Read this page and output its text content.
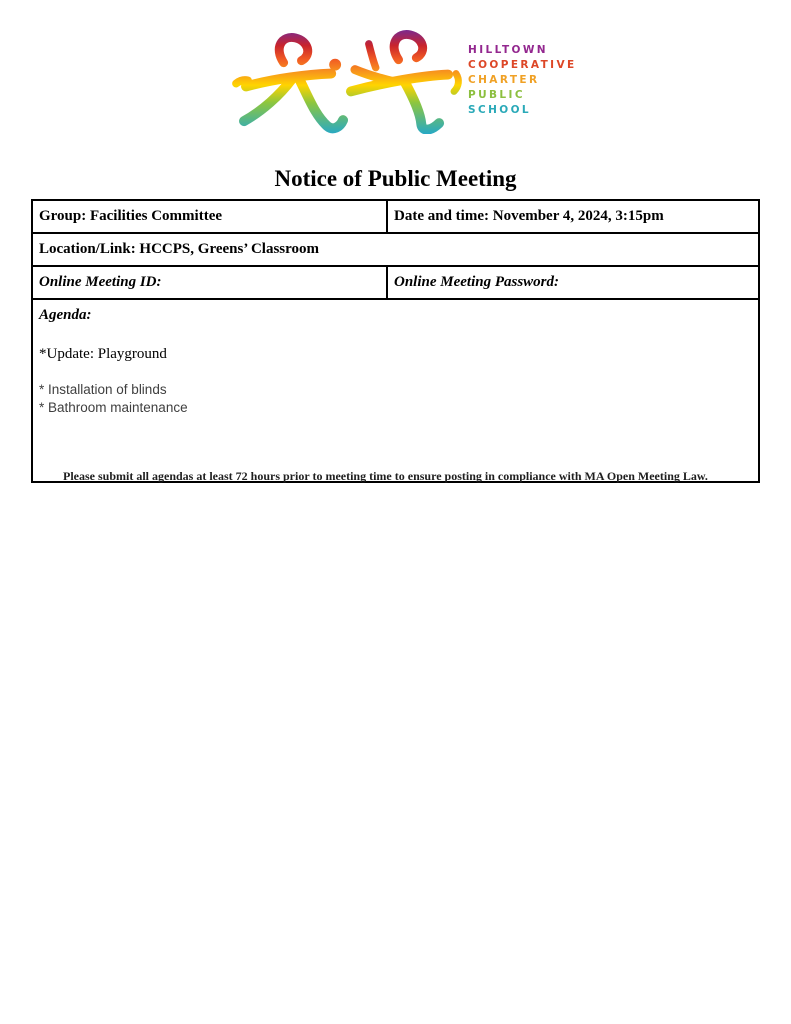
HILLTOWN
COOPERATIVE
CHARTER
PUBLIC
SCHOOL
Notice of Public Meeting
Group: Facilities Committee	Date and time: November 4, 2024, 3:15pm
Location/Link: HCCPS, Greens’ Classroom	
Online Meeting ID:	Online Meeting Password:

Agenda:
*Update: Playground
* Installation of blinds
* Bathroom maintenance	
Please submit all agendas at least 72 hours prior to meeting time to ensure posting in compliance with MA Open Meeting Law.
